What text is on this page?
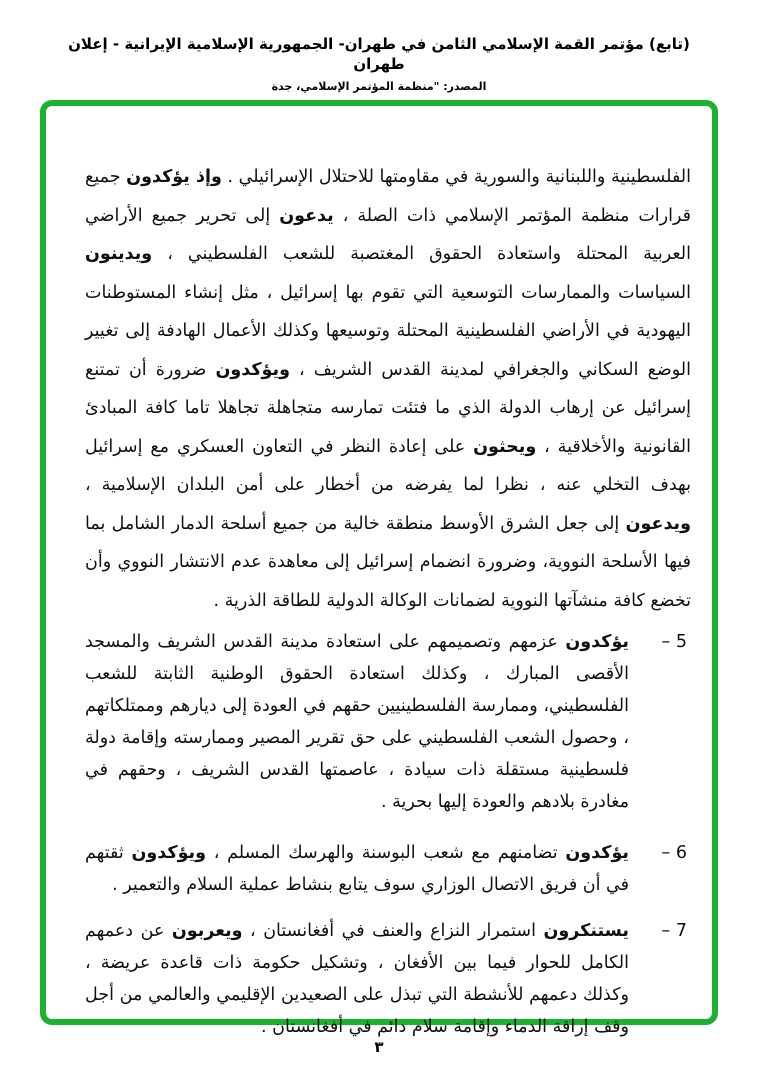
(تابع) مؤتمر القمة الإسلامي الثامن في طهران- الجمهورية الإسلامية الإيرانية - إعلان طهران
المصدر: "منظمة المؤتمر الإسلامي، جدة
الفلسطينية واللبنانية والسورية في مقاومتها للاحتلال الإسرائيلي . وإذ يؤكدون جميع قرارات منظمة المؤتمر الإسلامي ذات الصلة ، يدعون إلى تحرير جميع الأراضي العربية المحتلة واستعادة الحقوق المغتصبة للشعب الفلسطيني ، ويدينون السياسات والممارسات التوسعية التي تقوم بها إسرائيل ، مثل إنشاء المستوطنات اليهودية في الأراضي الفلسطينية المحتلة وتوسيعها وكذلك الأعمال الهادفة إلى تغيير الوضع السكاني والجغرافي لمدينة القدس الشريف ، ويؤكدون ضرورة أن تمتنع إسرائيل عن إرهاب الدولة الذي ما فتئت تمارسه متجاهلة تجاهلا تاما كافة المبادئ القانونية والأخلاقية ، ويحثون على إعادة النظر في التعاون العسكري مع إسرائيل بهدف التخلي عنه ، نظرا لما يفرضه من أخطار على أمن البلدان الإسلامية ، ويدعون إلى جعل الشرق الأوسط منطقة خالية من جميع أسلحة الدمار الشامل بما فيها الأسلحة النووية، وضرورة انضمام إسرائيل إلى معاهدة عدم الانتشار النووي وأن تخضع كافة منشآتها النووية لضمانات الوكالة الدولية للطاقة الذرية .
5 –
يؤكدون عزمهم وتصميمهم على استعادة مدينة القدس الشريف والمسجد الأقصى المبارك ، وكذلك استعادة الحقوق الوطنية الثابتة للشعب الفلسطيني، وممارسة الفلسطينيين حقهم في العودة إلى ديارهم وممتلكاتهم ، وحصول الشعب الفلسطيني على حق تقرير المصير وممارسته وإقامة دولة فلسطينية مستقلة ذات سيادة ، عاصمتها القدس الشريف ، وحقهم في مغادرة بلادهم والعودة إليها بحرية .
6 –
يؤكدون تضامنهم مع شعب البوسنة والهرسك المسلم ، ويؤكدون ثقتهم في أن فريق الاتصال الوزاري سوف يتابع بنشاط عملية السلام والتعمير .
7 –
يستنكرون استمرار النزاع والعنف في أفغانستان ، ويعربون عن دعمهم الكامل للحوار فيما بين الأفغان ، وتشكيل حكومة ذات قاعدة عريضة ، وكذلك دعمهم للأنشطة التي تبذل على الصعيدين الإقليمي والعالمي من أجل وقف إراقة الدماء وإقامة سلام دائم في أفغانستان .
٣
